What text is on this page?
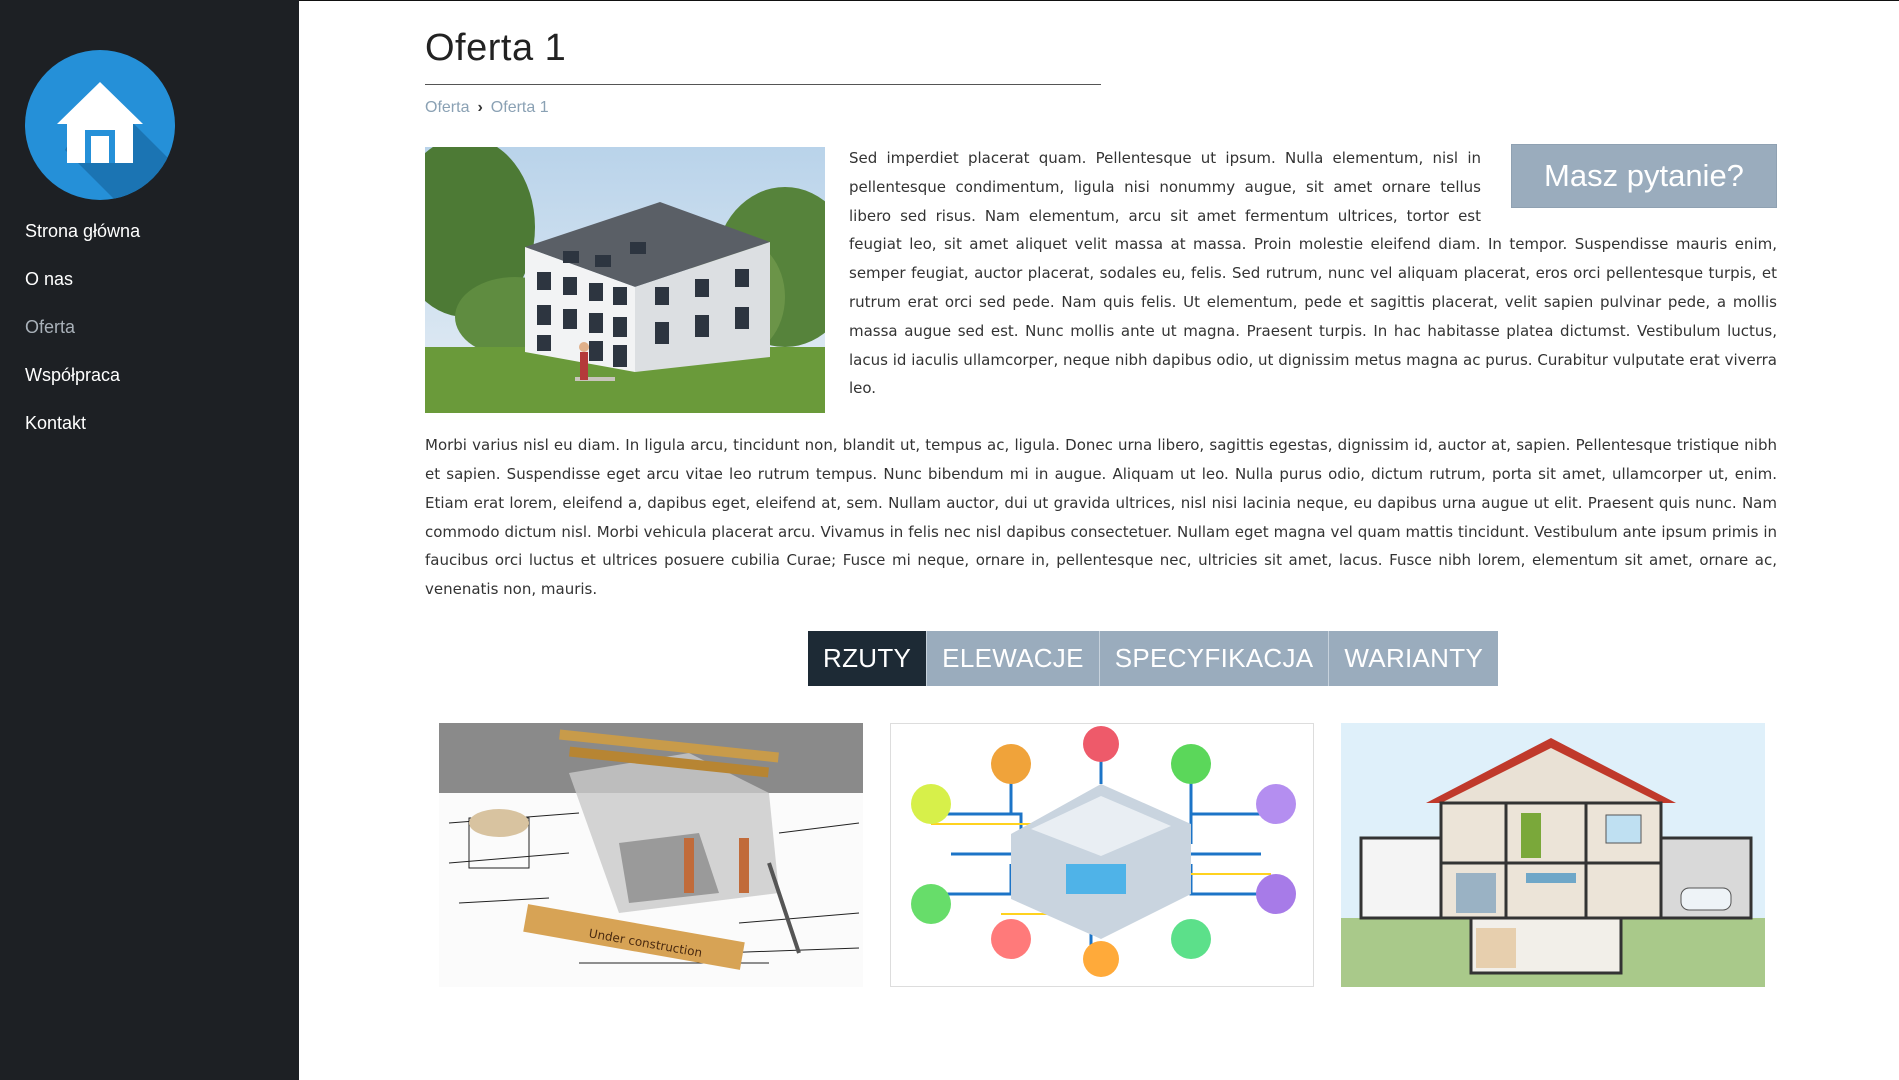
Strona główna
O nas
Oferta
Współpraca
Kontakt
Oferta 1
Oferta › Oferta 1
Masz pytanie?

Sed imperdiet placerat quam. Pellentesque ut ipsum. Nulla elementum, nisl in pellentesque condimentum, ligula nisi nonummy augue, sit amet ornare tellus libero sed risus. Nam elementum, arcu sit amet fermentum ultrices, tortor est feugiat leo, sit amet aliquet velit massa at massa. Proin molestie eleifend diam. In tempor. Suspendisse mauris enim, semper feugiat, auctor placerat, sodales eu, felis. Sed rutrum, nunc vel aliquam placerat, eros orci pellentesque turpis, et rutrum erat orci sed pede. Nam quis felis. Ut elementum, pede et sagittis placerat, velit sapien pulvinar pede, a mollis massa augue sed est. Nunc mollis ante ut magna. Praesent turpis. In hac habitasse platea dictumst. Vestibulum luctus, lacus id iaculis ullamcorper, neque nibh dapibus odio, ut dignissim metus magna ac purus. Curabitur vulputate erat viverra leo.

Morbi varius nisl eu diam. In ligula arcu, tincidunt non, blandit ut, tempus ac, ligula. Donec urna libero, sagittis egestas, dignissim id, auctor at, sapien. Pellentesque tristique nibh et sapien. Suspendisse eget arcu vitae leo rutrum tempus. Nunc bibendum mi in augue. Aliquam ut leo. Nulla purus odio, dictum rutrum, porta sit amet, ullamcorper ut, enim. Etiam erat lorem, eleifend a, dapibus eget, eleifend at, sem. Nullam auctor, dui ut gravida ultrices, nisl nisi lacinia neque, eu dapibus urna augue ut elit. Praesent quis nunc. Nam commodo dictum nisl. Morbi vehicula placerat arcu. Vivamus in felis nec nisl dapibus consectetuer. Nullam eget magna vel quam mattis tincidunt. Vestibulum ante ipsum primis in faucibus orci luctus et ultrices posuere cubilia Curae; Fusce mi neque, ornare in, pellentesque nec, ultricies sit amet, lacus. Fusce nibh lorem, elementum sit amet, ornare ac, venenatis non, mauris.

RZUTY	ELEWACJE	SPECYFIKACJA	WARIANTY
Under construction
